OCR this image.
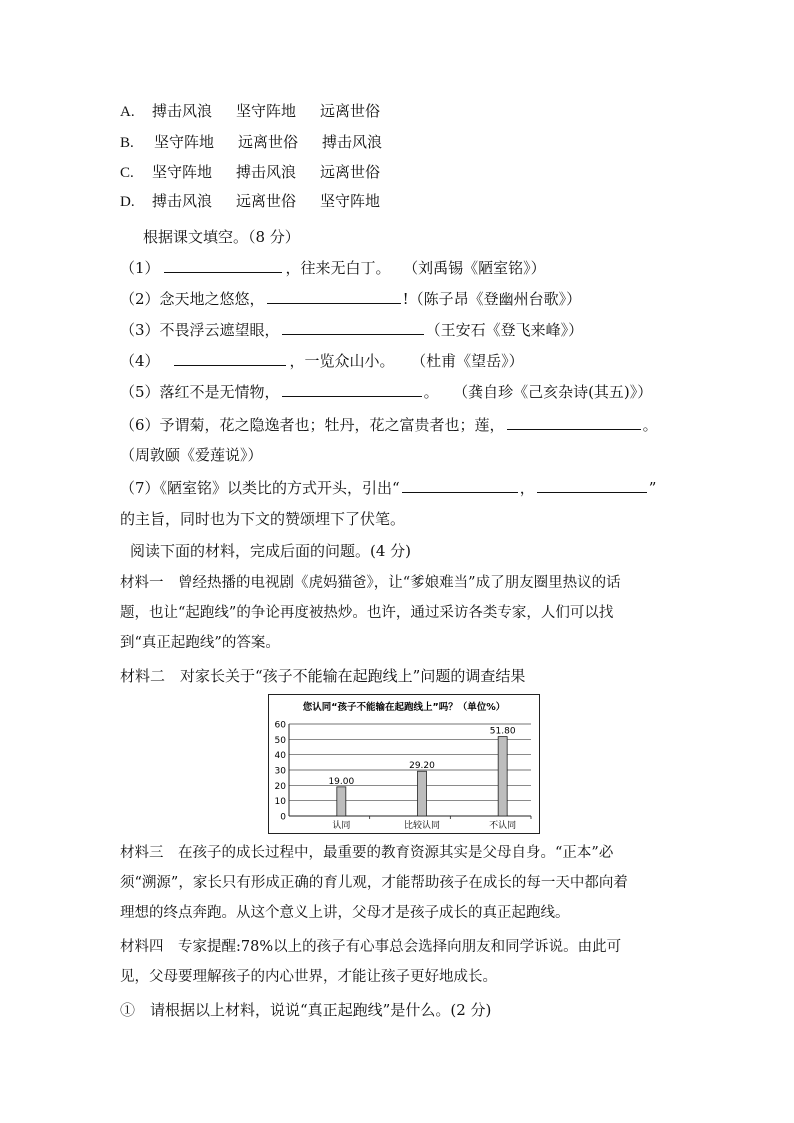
A. 搏击风浪 坚守阵地 远离世俗
B. 坚守阵地 远离世俗 搏击风浪
C. 坚守阵地 搏击风浪 远离世俗
D. 搏击风浪 远离世俗 坚守阵地
根据课文填空。（8 分）
（1）	，往来无白丁。 （刘禹锡《陋室铭》）
（2）念天地之悠悠，	!（陈子昂《登幽州台歌》）
（3）不畏浮云遮望眼，	（王安石《登飞来峰》）
（4）	，一览众山小。 （杜甫《望岳》）
（5）落红不是无情物，	。 （龚自珍《己亥杂诗(其五)》）
（6）予谓菊，花之隐逸者也；牡丹，花之富贵者也；莲，	。
（周敦颐《爱莲说》）
（7）《陋室铭》以类比的方式开头，引出“	，	”
的主旨，同时也为下文的赞颂埋下了伏笔。
阅读下面的材料，完成后面的问题。(4 分)
材料一　曾经热播的电视剧《虎妈猫爸》，让“爹娘难当”成了朋友圈里热议的话
题，也让“起跑线”的争论再度被热炒。也许，通过采访各类专家，人们可以找
到“真正起跑线”的答案。
材料二　对家长关于“孩子不能输在起跑线上”问题的调查结果
您认同“孩子不能输在起跑线上”吗？（单位%）
0
10
20
30
40
50
60
19.00
认同
29.20
比较认同
51.80
不认同
材料三　在孩子的成长过程中，最重要的教育资源其实是父母自身。“正本”必
须“溯源”，家长只有形成正确的育儿观，才能帮助孩子在成长的每一天中都向着
理想的终点奔跑。从这个意义上讲，父母才是孩子成长的真正起跑线。
材料四　专家提醒:78%以上的孩子有心事总会选择向朋友和同学诉说。由此可
见，父母要理解孩子的内心世界，才能让孩子更好地成长。
①　请根据以上材料，说说“真正起跑线”是什么。(2 分)
